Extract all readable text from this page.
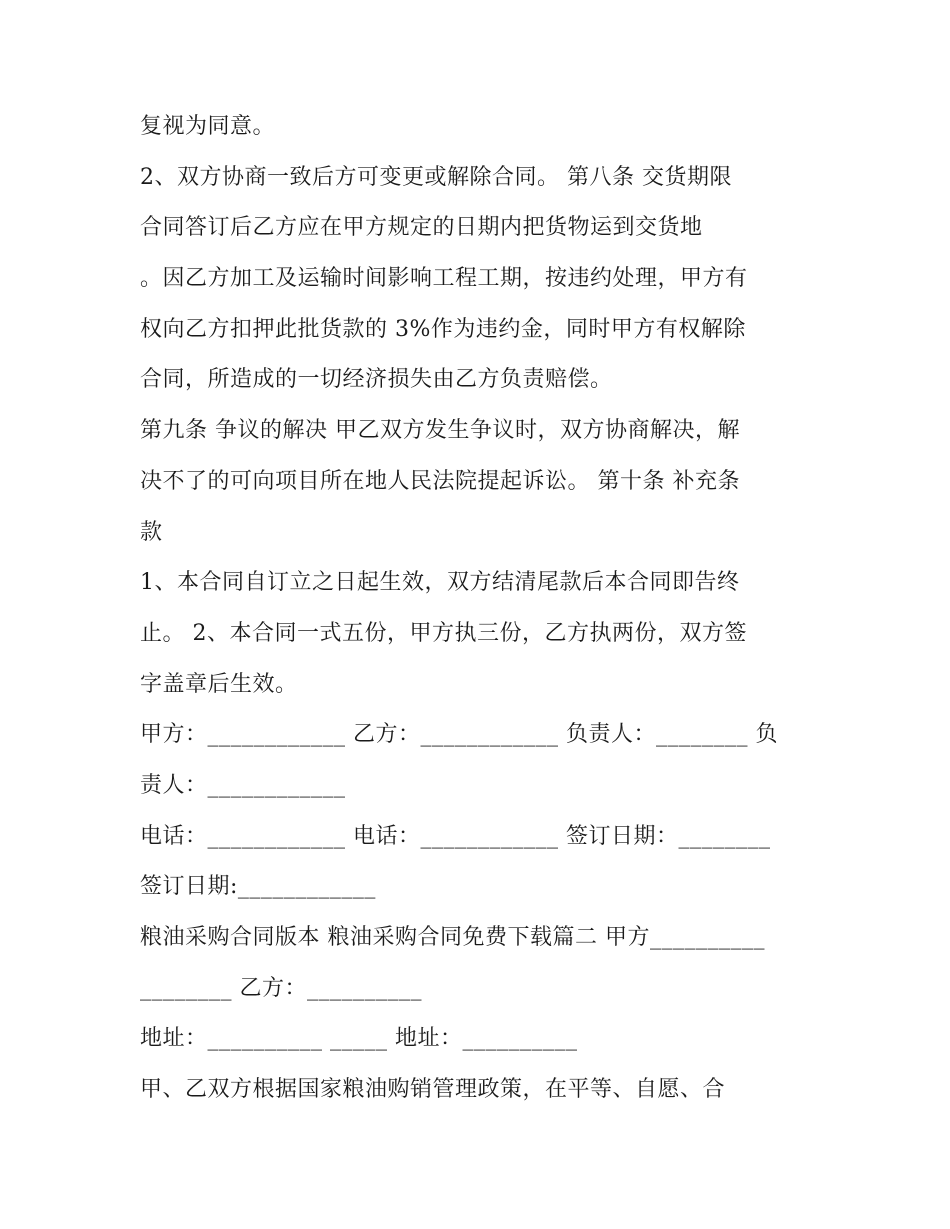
复视为同意。

2、双方协商一致后方可变更或解除合同。 第八条 交货期限

合同答订后乙方应在甲方规定的日期内把货物运到交货地

。因乙方加工及运输时间影响工程工期，按违约处理，甲方有

权向乙方扣押此批货款的 3%作为违约金，同时甲方有权解除

合同，所造成的一切经济损失由乙方负责赔偿。

第九条 争议的解决 甲乙双方发生争议时，双方协商解决，解

决不了的可向项目所在地人民法院提起诉讼。 第十条 补充条

款

1、本合同自订立之日起生效，双方结清尾款后本合同即告终

止。 2、本合同一式五份，甲方执三份，乙方执两份，双方签

字盖章后生效。

甲方：____________ 乙方：____________ 负责人：________ 负

责人：____________

电话：____________ 电话：____________ 签订日期：________

签订日期:____________

粮油采购合同版本 粮油采购合同免费下载篇二 甲方__________

________ 乙方：__________

地址：__________ _____ 地址：__________

甲、乙双方根据国家粮油购销管理政策，在平等、自愿、合
